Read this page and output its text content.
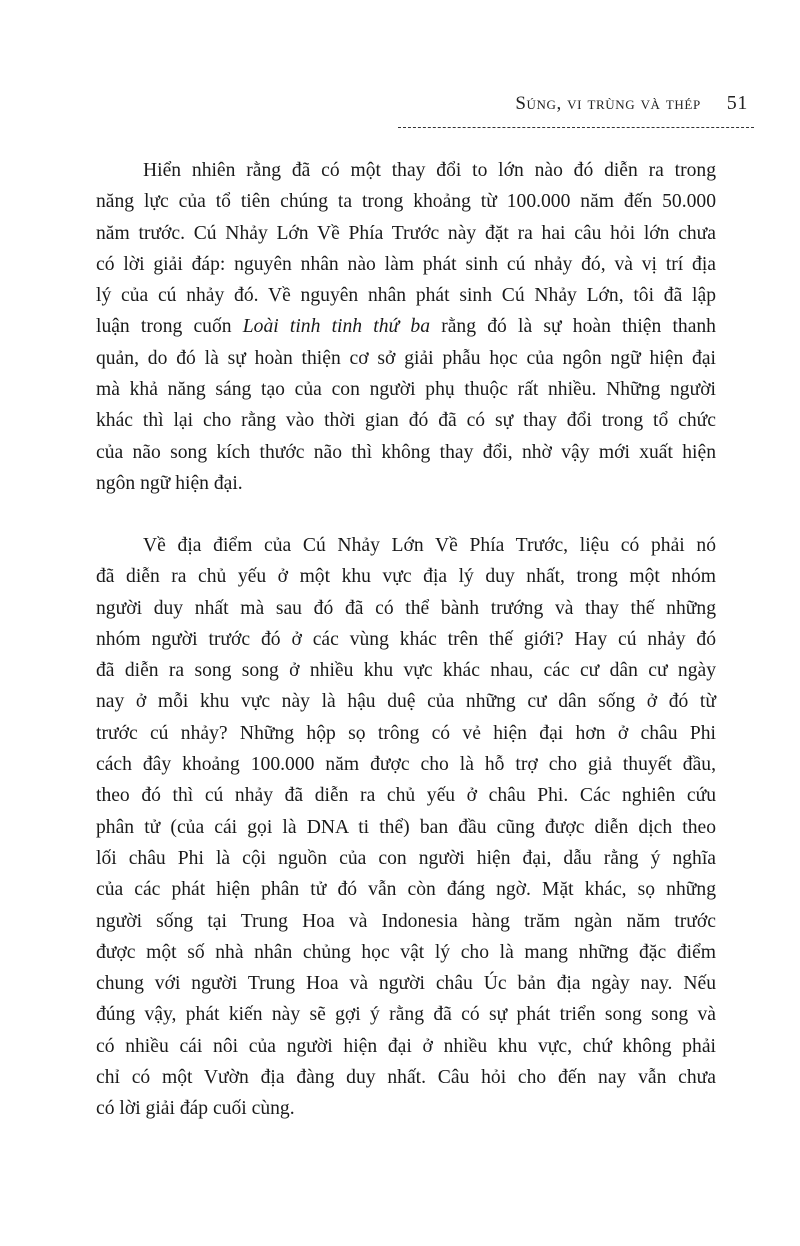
Súng, vi trùng và thép 51
Hiển nhiên rằng đã có một thay đổi to lớn nào đó diễn ra trong
năng lực của tổ tiên chúng ta trong khoảng từ 100.000 năm đến 50.000
năm trước. Cú Nhảy Lớn Về Phía Trước này đặt ra hai câu hỏi lớn chưa
có lời giải đáp: nguyên nhân nào làm phát sinh cú nhảy đó, và vị trí địa
lý của cú nhảy đó. Về nguyên nhân phát sinh Cú Nhảy Lớn, tôi đã lập
luận trong cuốn Loài tinh tinh thứ ba rằng đó là sự hoàn thiện thanh
quản, do đó là sự hoàn thiện cơ sở giải phẫu học của ngôn ngữ hiện đại
mà khả năng sáng tạo của con người phụ thuộc rất nhiều. Những người
khác thì lại cho rằng vào thời gian đó đã có sự thay đổi trong tổ chức
của não song kích thước não thì không thay đổi, nhờ vậy mới xuất hiện
ngôn ngữ hiện đại.
Về địa điểm của Cú Nhảy Lớn Về Phía Trước, liệu có phải nó
đã diễn ra chủ yếu ở một khu vực địa lý duy nhất, trong một nhóm
người duy nhất mà sau đó đã có thể bành trướng và thay thế những
nhóm người trước đó ở các vùng khác trên thế giới? Hay cú nhảy đó
đã diễn ra song song ở nhiều khu vực khác nhau, các cư dân cư ngày
nay ở mỗi khu vực này là hậu duệ của những cư dân sống ở đó từ
trước cú nhảy? Những hộp sọ trông có vẻ hiện đại hơn ở châu Phi
cách đây khoảng 100.000 năm được cho là hỗ trợ cho giả thuyết đầu,
theo đó thì cú nhảy đã diễn ra chủ yếu ở châu Phi. Các nghiên cứu
phân tử (của cái gọi là DNA ti thể) ban đầu cũng được diễn dịch theo
lối châu Phi là cội nguồn của con người hiện đại, dẫu rằng ý nghĩa
của các phát hiện phân tử đó vẫn còn đáng ngờ. Mặt khác, sọ những
người sống tại Trung Hoa và Indonesia hàng trăm ngàn năm trước
được một số nhà nhân chủng học vật lý cho là mang những đặc điểm
chung với người Trung Hoa và người châu Úc bản địa ngày nay. Nếu
đúng vậy, phát kiến này sẽ gợi ý rằng đã có sự phát triển song song và
có nhiều cái nôi của người hiện đại ở nhiều khu vực, chứ không phải
chỉ có một Vườn địa đàng duy nhất. Câu hỏi cho đến nay vẫn chưa
có lời giải đáp cuối cùng.
